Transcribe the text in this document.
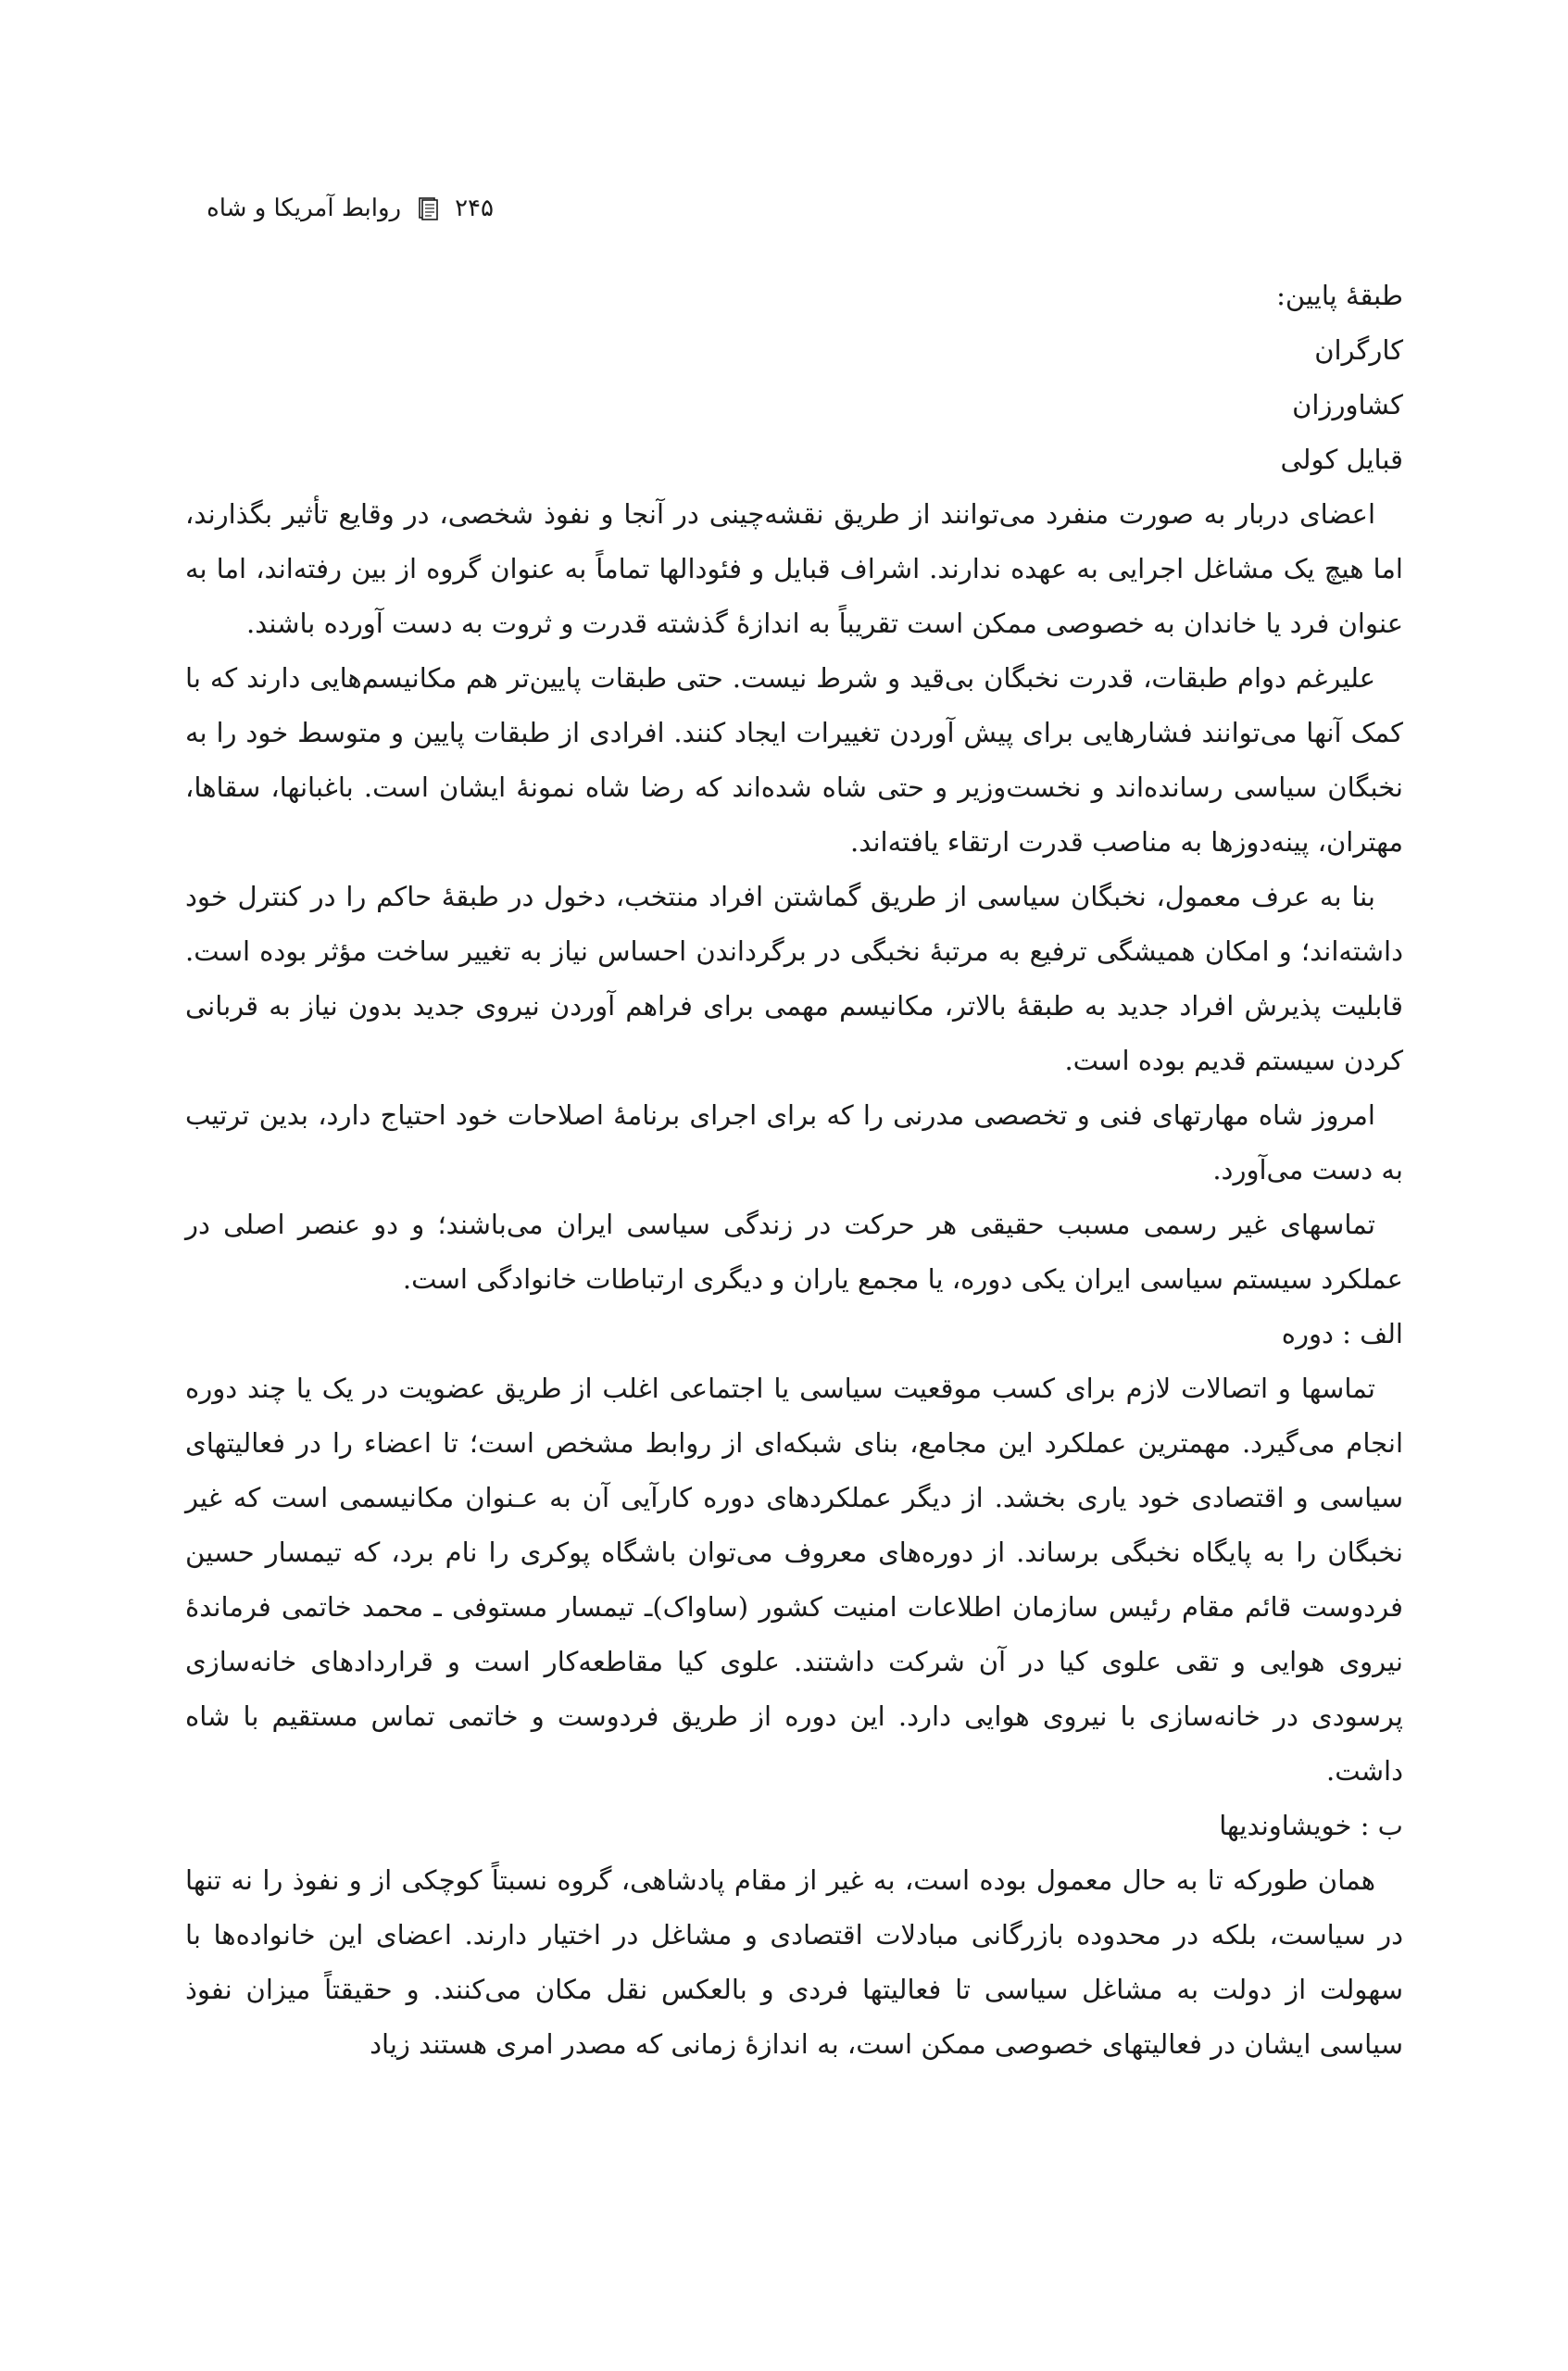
۲۴۵
روابط آمریکا و شاه
طبقهٔ پایین:
کارگران
کشاورزان
قبایل کولی

اعضای دربار به صورت منفرد می‌توانند از طریق نقشه‌چینی در آنجا و نفوذ شخصی، در وقایع تأثیر بگذارند، اما هیچ یک مشاغل اجرایی به عهده ندارند. اشراف قبایل و فئودالها تماماً به عنوان گروه از بین رفته‌اند، اما به عنوان فرد یا خاندان به خصوصی ممکن است تقریباً به اندازهٔ گذشته قدرت و ثروت به دست آورده باشند.

علیرغم دوام طبقات، قدرت نخبگان بی‌قید و شرط نیست. حتی طبقات پایین‌تر هم مکانیسم‌هایی دارند که با کمک آنها می‌توانند فشارهایی برای پیش آوردن تغییرات ایجاد کنند. افرادی از طبقات پایین و متوسط خود را به نخبگان سیاسی رسانده‌اند و نخست‌وزیر و حتی شاه شده‌اند که رضا شاه نمونهٔ ایشان است. باغبانها، سقاها، مهتران، پینه‌دوزها به مناصب قدرت ارتقاء یافته‌اند.

بنا به عرف معمول، نخبگان سیاسی از طریق گماشتن افراد منتخب، دخول در طبقهٔ حاکم را در کنترل خود داشته‌اند؛ و امکان همیشگی ترفیع به مرتبهٔ نخبگی در برگرداندن احساس نیاز به تغییر ساخت مؤثر بوده است. قابلیت پذیرش افراد جدید به طبقهٔ بالاتر، مکانیسم مهمی برای فراهم آوردن نیروی جدید بدون نیاز به قربانی کردن سیستم قدیم بوده است.

امروز شاه مهارتهای فنی و تخصصی مدرنی را که برای اجرای برنامهٔ اصلاحات خود احتیاج دارد، بدین ترتیب به دست می‌آورد.

تماسهای غیر رسمی مسبب حقیقی هر حرکت در زندگی سیاسی ایران می‌باشند؛ و دو عنصر اصلی در عملکرد سیستم سیاسی ایران یکی دوره، یا مجمع یاران و دیگری ارتباطات خانوادگی است.

الف : دوره

تماسها و اتصالات لازم برای کسب موقعیت سیاسی یا اجتماعی اغلب از طریق عضویت در یک یا چند دوره انجام می‌گیرد. مهمترین عملکرد این مجامع، بنای شبکه‌ای از روابط مشخص است؛ تا اعضاء را در فعالیتهای سیاسی و اقتصادی خود یاری بخشد. از دیگر عملکردهای دوره کارآیی آن به عـنوان مکانیسمی است که غیر نخبگان را به پایگاه نخبگی برساند. از دوره‌های معروف می‌توان باشگاه پوکری را نام برد، که تیمسار حسین فردوست قائم مقام رئیس سازمان اطلاعات امنیت کشور (ساواک)ـ تیمسار مستوفی ـ محمد خاتمی فرماندهٔ نیروی هوایی و تقی علوی کیا در آن شرکت داشتند. علوی کیا مقاطعه‌کار است و قراردادهای خانه‌سازی پرسودی در خانه‌سازی با نیروی هوایی دارد. این دوره از طریق فردوست و خاتمی تماس مستقیم با شاه داشت.

ب : خویشاوندیها

همان طورکه تا به حال معمول بوده است، به غیر از مقام پادشاهی، گروه نسبتاً کوچکی از و نفوذ را نه تنها در سیاست، بلکه در محدوده بازرگانی مبادلات اقتصادی و مشاغل در اختیار دارند. اعضای این خانواده‌ها با سهولت از دولت به مشاغل سیاسی تا فعالیتها فردی و بالعکس نقل مکان می‌کنند. و حقیقتاً میزان نفوذ سیاسی ایشان در فعالیتهای خصوصی ممکن است، به اندازهٔ زمانی که مصدر امری هستند زیاد
